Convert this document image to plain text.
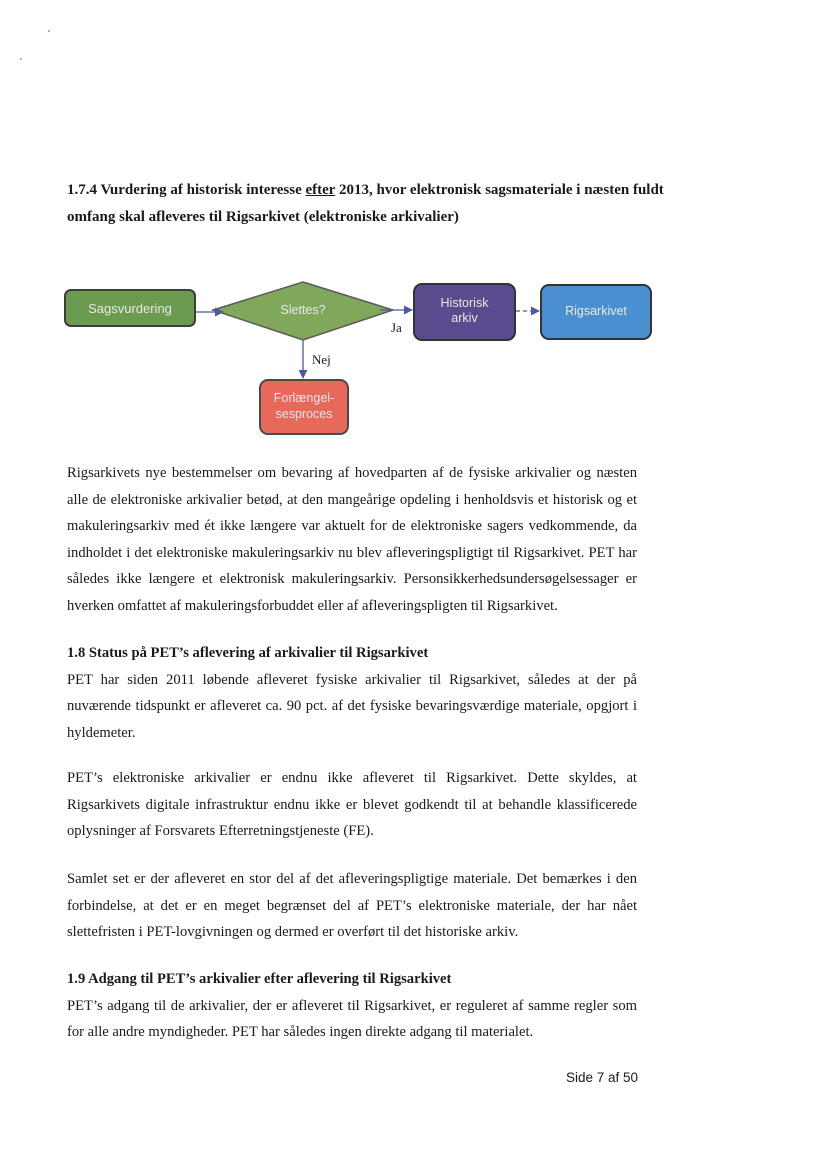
1.7.4 Vurdering af historisk interesse efter 2013, hvor elektronisk sagsmateriale i næsten fuldt omfang skal afleveres til Rigsarkivet (elektroniske arkivalier)
Sagsvurdering	Slettes?	Historisk
arkiv	Rigsarkivet
Forlængel-
sesproces
Ja
Nej

Rigsarkivets nye bestemmelser om bevaring af hovedparten af de fysiske arkivalier og næsten alle de elektroniske arkivalier betød, at den mangeårige opdeling i henholdsvis et historisk og et makuleringsarkiv med ét ikke længere var aktuelt for de elektroniske sagers vedkommende, da indholdet i det elektroniske makuleringsarkiv nu blev afleveringspligtigt til Rigsarkivet. PET har således ikke længere et elektronisk makuleringsarkiv. Personsikkerhedsundersøgelsessager er hverken omfattet af makuleringsforbuddet eller af afleveringspligten til Rigsarkivet.

1.8 Status på PET’s aflevering af arkivalier til Rigsarkivet
PET har siden 2011 løbende afleveret fysiske arkivalier til Rigsarkivet, således at der på nuværende tidspunkt er afleveret ca. 90 pct. af det fysiske bevaringsværdige materiale, opgjort i hyldemeter.

PET’s elektroniske arkivalier er endnu ikke afleveret til Rigsarkivet. Dette skyldes, at Rigsarkivets digitale infrastruktur endnu ikke er blevet godkendt til at behandle klassificerede oplysninger af Forsvarets Efterretningstjeneste (FE).

Samlet set er der afleveret en stor del af det afleveringspligtige materiale. Det bemærkes i den forbindelse, at det er en meget begrænset del af PET’s elektroniske materiale, der har nået slettefristen i PET-lovgivningen og dermed er overført til det historiske arkiv.

1.9 Adgang til PET’s arkivalier efter aflevering til Rigsarkivet
PET’s adgang til de arkivalier, der er afleveret til Rigsarkivet, er reguleret af samme regler som for alle andre myndigheder. PET har således ingen direkte adgang til materialet.
Side 7 af 50
